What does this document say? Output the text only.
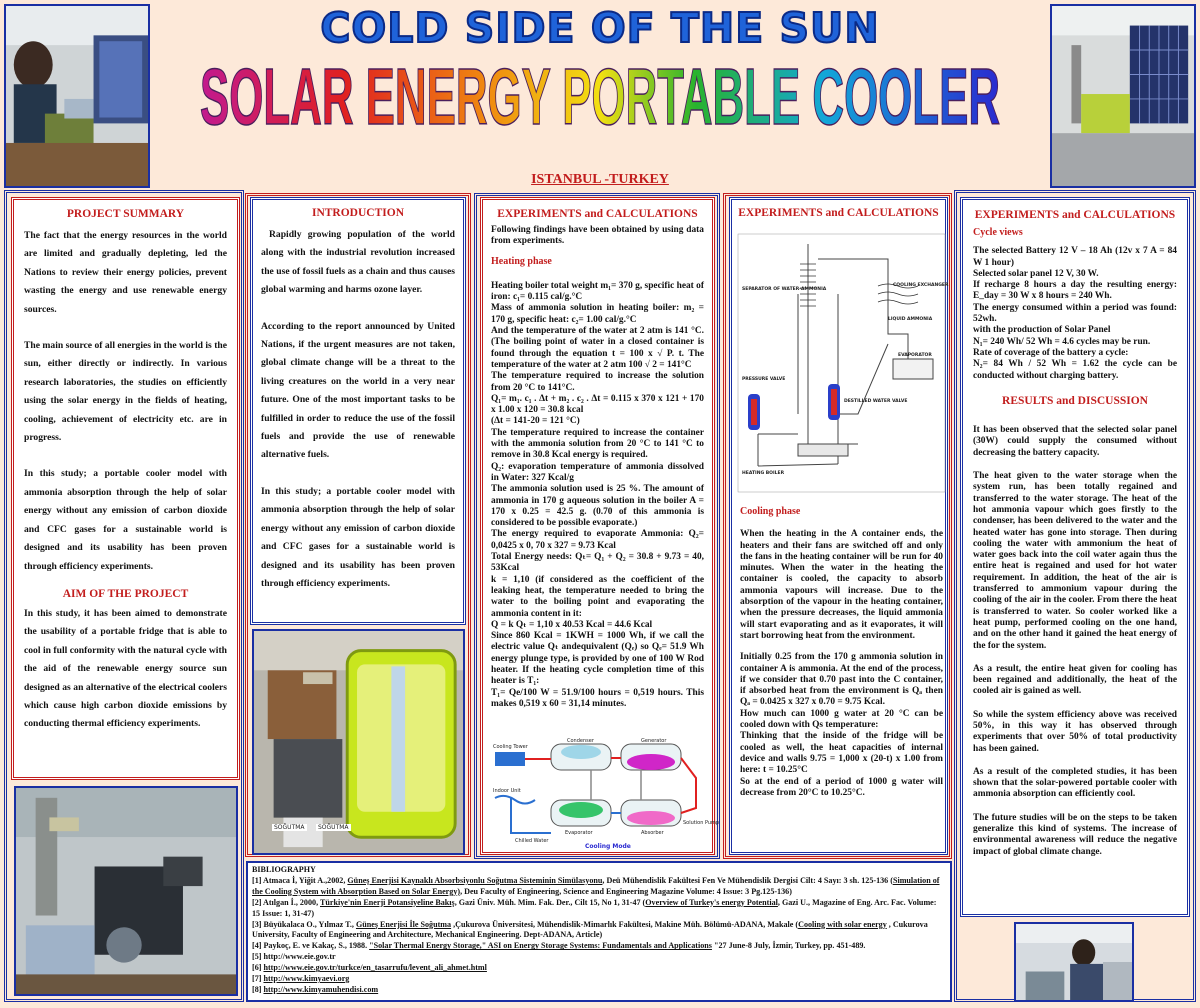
COLD SIDE OF THE SUN
SOLAR ENERGY PORTABLE COOLER
ISTANBUL -TURKEY
PROJECT SUMMARY

The fact that the energy resources in the world are limited and gradually depleting, led the Nations to review their energy policies, prevent wasting the energy and use renewable energy sources.

The main source of all energies in the world is the sun, either directly or indirectly. In various research laboratories, the studies on efficiently using the solar energy in the fields of heating, cooling, achievement of electricity etc. are in progress.

In this study; a portable cooler model with ammonia absorption through the help of solar energy without any emission of carbon dioxide and CFC gases for a sustainable world is designed and its usability has been proven through efficiency experiments.

AIM OF THE PROJECT

In this study, it has been aimed to demonstrate the usability of a portable fridge that is able to cool in full conformity with the natural cycle with the aid of the renewable energy source sun designed as an alternative of the electrical coolers which cause high carbon dioxide emissions by conducting thermal efficiency experiments.

INTRODUCTION

Rapidly growing population of the world along with the industrial revolution increased the use of fossil fuels as a chain and thus causes global warming and harms ozone layer.

According to the report announced by United Nations, if the urgent measures are not taken, global climate change will be a threat to the living creatures on the world in a very near future. One of the most important tasks to be fulfilled in order to reduce the use of the fossil fuels and provide the use of renewable alternative fuels.

In this study; a portable cooler model with ammonia absorption through the help of solar energy without any emission of carbon dioxide and CFC gases for a sustainable world is designed and its usability has been proven through efficiency experiments.

SOĞUTMA	SOĞUTMA
EXPERIMENTS and CALCULATIONS

Following findings have been obtained by using data from experiments.

Heating phase

Heating boiler total weight m₁= 370 g, specific heat of iron: c₁= 0.115 cal/g.°C

Mass of ammonia solution in heating boiler: m₂ = 170 g, specific heat: c₂= 1.00 cal/g.°C

And the temperature of the water at 2 atm is 141 °C. (The boiling point of water in a closed container is found through the equation t = 100 x √ P. t. The temperature of the water at 2 atm 100 √ 2 = 141°C

The temperature required to increase the solution from 20 °C to 141°C.

Q₁= m₁. c₁ . Δt + m₂ . c₂ . Δt = 0.115 x 370 x 121 + 170 x 1.00 x 120 = 30.8 kcal

(Δt = 141-20 = 121 °C)

The temperature required to increase the container with the ammonia solution from 20 °C to 141 °C to remove in 30.8 Kcal energy is required.

Q₂: evaporation temperature of ammonia dissolved in Water: 327 Kcal/g

The ammonia solution used is 25 %. The amount of ammonia in 170 g aqueous solution in the boiler A = 170 x 0.25 = 42.5 g. (0.70 of this ammonia is considered to be possible evaporate.)

The energy required to evaporate Ammonia: Q₂= 0,0425 x 0, 70 x 327 = 9.73 Kcal

Total Energy needs: Qₜ= Q₁ + Q₂ = 30.8 + 9.73 = 40, 53Kcal

k = 1,10 (if considered as the coefficient of the leaking heat, the temperature needed to bring the water to the boiling point and evaporating the ammonia content in it:

Q = k Qₜ = 1,10 x 40.53 Kcal = 44.6 Kcal

Since 860 Kcal = 1KWH = 1000 Wh, if we call the electric value Qₜ andequivalent (Qₑ) so Qₑ= 51.9 Wh energy plunge type, is provided by one of 100 W Rod heater. If the heating cycle completion time of this heater is T₁:

T₁= Qe/100 W = 51.9/100 hours = 0,519 hours. This makes 0,519 x 60 = 31,14 minutes.

Cooling Tower
Condenser	Generator
Indoor Unit
Evaporator	Absorber
Chilled Water
Solution Pump
Cooling Mode
EXPERIMENTS and CALCULATIONS
SEPARATOR OF WATER-AMMONIA
COOLING EXCHANGER
LIQUID AMMONIA
EVAPORATOR
PRESSURE VALVE
DESTILLED WATER VALVE
HEATING BOILER
Cooling phase

When the heating in the A container ends, the heaters and their fans are switched off and only the fans in the heating container will be run for 40 minutes. When the water in the heating the container is cooled, the capacity to absorb ammonia vapours will increase. Due to the absorption of the vapour in the heating container, when the pressure decreases, the liquid ammonia will start evaporating and as it evaporates, it will start borrowing heat from the environment.

Initially 0.25 from the 170 g ammonia solution in container A is ammonia. At the end of the process, if we consider that 0.70 past into the C container, if absorbed heat from the environment is Qₐ then Qₐ = 0.0425 x 327 x 0.70 = 9.75 Kcal.

How much can 1000 g water at 20 °C can be cooled down with Qs temperature:

Thinking that the inside of the fridge will be cooled as well, the heat capacities of internal device and walls 9.75 = 1,000 x (20-t) x 1.00 from here: t = 10.25°C

So at the end of a period of 1000 g water will decrease from 20°C to 10.25°C.

EXPERIMENTS and CALCULATIONS
Cycle views

The selected Battery 12 V – 18 Ah (12v x 7 A = 84 W 1 hour)

Selected solar panel 12 V, 30 W.

If recharge 8 hours a day the resulting energy: E_day = 30 W x 8 hours = 240 Wh.

The energy consumed within a period was found: 52wh.

with the production of Solar Panel

N₁= 240 Wh/ 52 Wh = 4.6 cycles may be run.

Rate of coverage of the battery a cycle:

N₂= 84 Wh / 52 Wh = 1.62 the cycle can be conducted without charging battery.

RESULTS and DISCUSSION

It has been observed that the selected solar panel (30W) could supply the consumed without decreasing the battery capacity.

The heat given to the water storage when the system run, has been totally regained and transferred to the water storage. The heat of the hot ammonia vapour which goes firstly to the condenser, has been delivered to the water and the heated water has gone into storage. Then during cooling the water with ammonium the heat of water goes back into the coil water again thus the entire heat is regained and used for hot water requirement. In addition, the heat of the air is transferred to ammonium vapour during the cooling of the air in the cooler. From there the heat is transferred to water. So cooler worked like a heat pump, performed cooling on the one hand, and on the other hand it gained the heat energy of the for the system.

As a result, the entire heat given for cooling has been regained and additionally, the heat of the cooled air is gained as well.

So while the system efficiency above was received 50%, in this way it has observed through experiments that over 50% of total productivity has been gained.

As a result of the completed studies, it has been shown that the solar-powered portable cooler with ammonia absorption can efficiently cool.

The future studies will be on the steps to be taken generalize this kind of systems. The increase of environmental awareness will reduce the negative impact of global climate change.

BIBLIOGRAPHY
[1] Atmaca İ, Yiğit A.,2002, Güneş Enerjisi Kaynaklı Absorbsiyonlu Soğutma Sisteminin Simülasyonu, Deü Mühendislik Fakültesi Fen Ve Mühendislik Dergisi Cilt: 4 Sayı: 3 sh. 125-136 (Simulation of the Cooling System with Absorption Based on Solar Energy), Deu Faculty of Engineering, Science and Engineering Magazine Volume: 4 Issue: 3 Pg.125-136)
[2] Atılgan İ., 2000, Türkiye'nin Enerji Potansiyeline Bakış, Gazi Üniv. Müh. Mim. Fak. Der., Cilt 15, No 1, 31-47 (Overview of Turkey's energy Potential, Gazi U., Magazine of Eng. Arc. Fac. Volume: 15 Issue: 1, 31-47)
[3] Büyükalaca O., Yılmaz T., Güneş Enerjisi İle Soğutma ,Çukurova Üniversitesi, Mühendislik-Mimarlık Fakültesi, Makine Müh. Bölümü-ADANA, Makale (Cooling with solar energy , Cukurova University, Faculty of Engineering and Architecture, Mechanical Engineering. Dept-ADANA, Article)
[4] Paykoç, E. ve Kakaç, S., 1988. "Solar Thermal Energy Storage," ASI on Energy Storage Systems: Fundamentals and Applications "27 June-8 July, İzmir, Turkey, pp. 451-489.
[5] http://www.eie.gov.tr
[6] http://www.eie.gov.tr/turkce/en_tasarrufu/levent_ali_ahmet.html
[7] http://www.kimyaevi.org
[8] http://www.kimyamuhendisi.com
